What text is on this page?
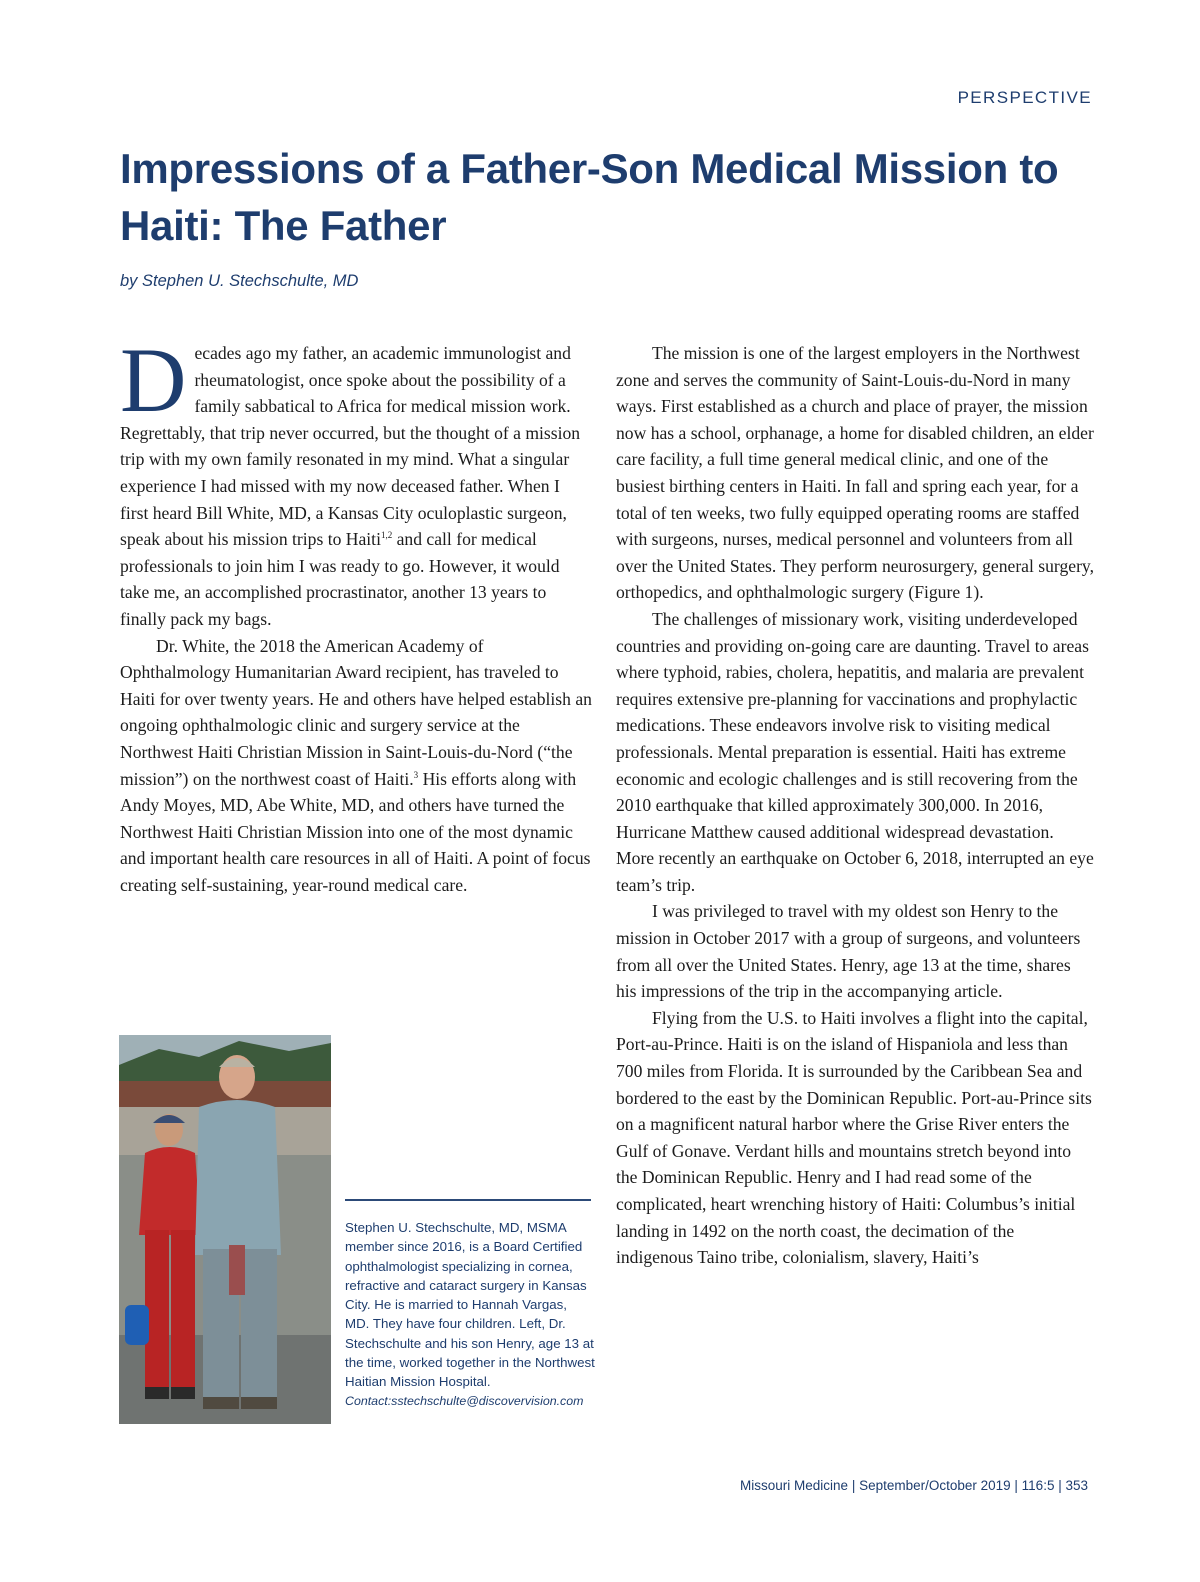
PERSPECTIVE
Impressions of a Father-Son Medical Mission to Haiti: The Father
by Stephen U. Stechschulte, MD

Decades ago my father, an academic immunologist and rheumatologist, once spoke about the possibility of a family sabbatical to Africa for medical mission work. Regrettably, that trip never occurred, but the thought of a mission trip with my own family resonated in my mind. What a singular experience I had missed with my now deceased father. When I first heard Bill White, MD, a Kansas City oculoplastic surgeon, speak about his mission trips to Haiti$^{1,2}$ and call for medical professionals to join him I was ready to go. However, it would take me, an accomplished procrastinator, another 13 years to finally pack my bags.

Dr. White, the 2018 the American Academy of Ophthalmology Humanitarian Award recipient, has traveled to Haiti for over twenty years. He and others have helped establish an ongoing ophthalmologic clinic and surgery service at the Northwest Haiti Christian Mission in Saint-Louis-du-Nord (“the mission”) on the northwest coast of Haiti.$^3$ His efforts along with Andy Moyes, MD, Abe White, MD, and others have turned the Northwest Haiti Christian Mission into one of the most dynamic and important health care resources in all of Haiti. A point of focus creating self-sustaining, year-round medical care.

The mission is one of the largest employers in the Northwest zone and serves the community of Saint-Louis-du-Nord in many ways. First established as a church and place of prayer, the mission now has a school, orphanage, a home for disabled children, an elder care facility, a full time general medical clinic, and one of the busiest birthing centers in Haiti. In fall and spring each year, for a total of ten weeks, two fully equipped operating rooms are staffed with surgeons, nurses, medical personnel and volunteers from all over the United States. They perform neurosurgery, general surgery, orthopedics, and ophthalmologic surgery (Figure 1).

The challenges of missionary work, visiting underdeveloped countries and providing on-going care are daunting. Travel to areas where typhoid, rabies, cholera, hepatitis, and malaria are prevalent requires extensive pre-planning for vaccinations and prophylactic medications. These endeavors involve risk to visiting medical professionals. Mental preparation is essential. Haiti has extreme economic and ecologic challenges and is still recovering from the 2010 earthquake that killed approximately 300,000. In 2016, Hurricane Matthew caused additional widespread devastation. More recently an earthquake on October 6, 2018, interrupted an eye team’s trip.

I was privileged to travel with my oldest son Henry to the mission in October 2017 with a group of surgeons, and volunteers from all over the United States. Henry, age 13 at the time, shares his impressions of the trip in the accompanying article.

Flying from the U.S. to Haiti involves a flight into the capital, Port-au-Prince. Haiti is on the island of Hispaniola and less than 700 miles from Florida. It is surrounded by the Caribbean Sea and bordered to the east by the Dominican Republic. Port-au-Prince sits on a magnificent natural harbor where the Grise River enters the Gulf of Gonave. Verdant hills and mountains stretch beyond into the Dominican Republic. Henry and I had read some of the complicated, heart wrenching history of Haiti: Columbus’s initial landing in 1492 on the north coast, the decimation of the indigenous Taino tribe, colonialism, slavery, Haiti’s

Stephen U. Stechschulte, MD, MSMA member since 2016, is a Board Certified ophthalmologist specializing in cornea, refractive and cataract surgery in Kansas City. He is married to Hannah Vargas, MD. They have four children. Left, Dr. Stechschulte and his son Henry, age 13 at the time, worked together in the Northwest Haitian Mission Hospital.
Contact:sstechschulte@discovervision.com
Missouri Medicine | September/October 2019 | 116:5 | 353
